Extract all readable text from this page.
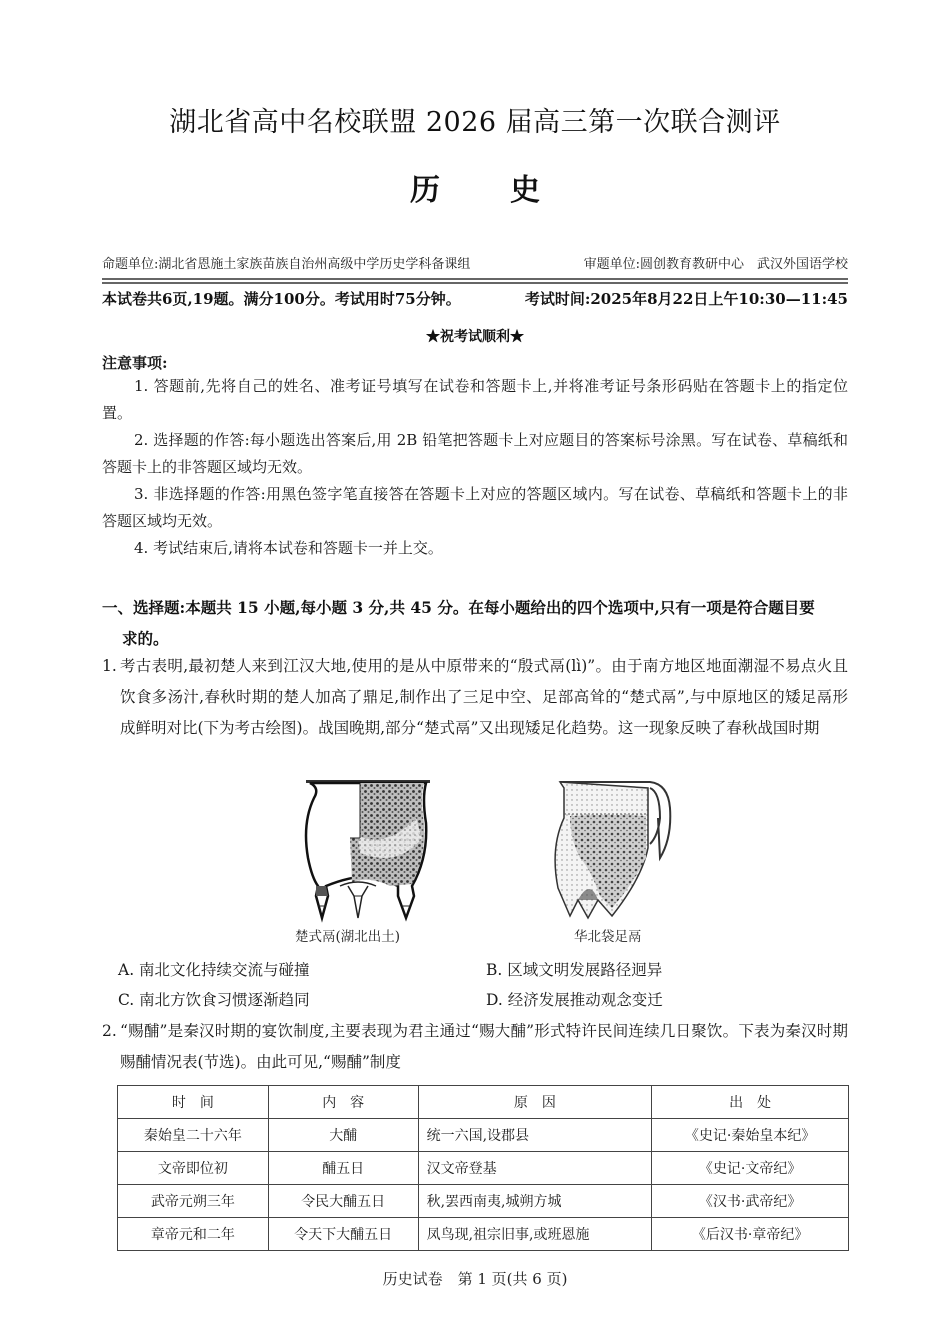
湖北省高中名校联盟 2026 届高三第一次联合测评
历 史
命题单位:湖北省恩施土家族苗族自治州高级中学历史学科备课组	审题单位:圆创教育教研中心　武汉外国语学校
本试卷共6页,19题。满分100分。考试用时75分钟。	考试时间:2025年8月22日上午10:30—11:45
★祝考试顺利★
注意事项:
1. 答题前,先将自己的姓名、准考证号填写在试卷和答题卡上,并将准考证号条形码贴在答题卡上的指定位置。
2. 选择题的作答:每小题选出答案后,用 2B 铅笔把答题卡上对应题目的答案标号涂黑。写在试卷、草稿纸和答题卡上的非答题区域均无效。
3. 非选择题的作答:用黑色签字笔直接答在答题卡上对应的答题区域内。写在试卷、草稿纸和答题卡上的非答题区域均无效。
4. 考试结束后,请将本试卷和答题卡一并上交。
一、选择题:本题共 15 小题,每小题 3 分,共 45 分。在每小题给出的四个选项中,只有一项是符合题目要
求的。
1. 考古表明,最初楚人来到江汉大地,使用的是从中原带来的“殷式鬲(lì)”。由于南方地区地面潮湿不易点火且饮食多汤汁,春秋时期的楚人加高了鼎足,制作出了三足中空、足部高耸的“楚式鬲”,与中原地区的矮足鬲形成鲜明对比(下为考古绘图)。战国晚期,部分“楚式鬲”又出现矮足化趋势。这一现象反映了春秋战国时期
楚式鬲(湖北出土)	华北袋足鬲
A. 南北文化持续交流与碰撞	B. 区域文明发展路径迥异
C. 南北方饮食习惯逐渐趋同	D. 经济发展推动观念变迁
2. “赐酺”是秦汉时期的宴饮制度,主要表现为君主通过“赐大酺”形式特许民间连续几日聚饮。下表为秦汉时期赐酺情况表(节选)。由此可见,“赐酺”制度
时　间	内　容	原　因	出　处
秦始皇二十六年	大酺	统一六国,设郡县	《史记·秦始皇本纪》
文帝即位初	酺五日	汉文帝登基	《史记·文帝纪》
武帝元朔三年	令民大酺五日	秋,罢西南夷,城朔方城	《汉书·武帝纪》
章帝元和二年	令天下大酺五日	凤鸟现,祖宗旧事,或班恩施	《后汉书·章帝纪》
历史试卷　第 1 页(共 6 页)
